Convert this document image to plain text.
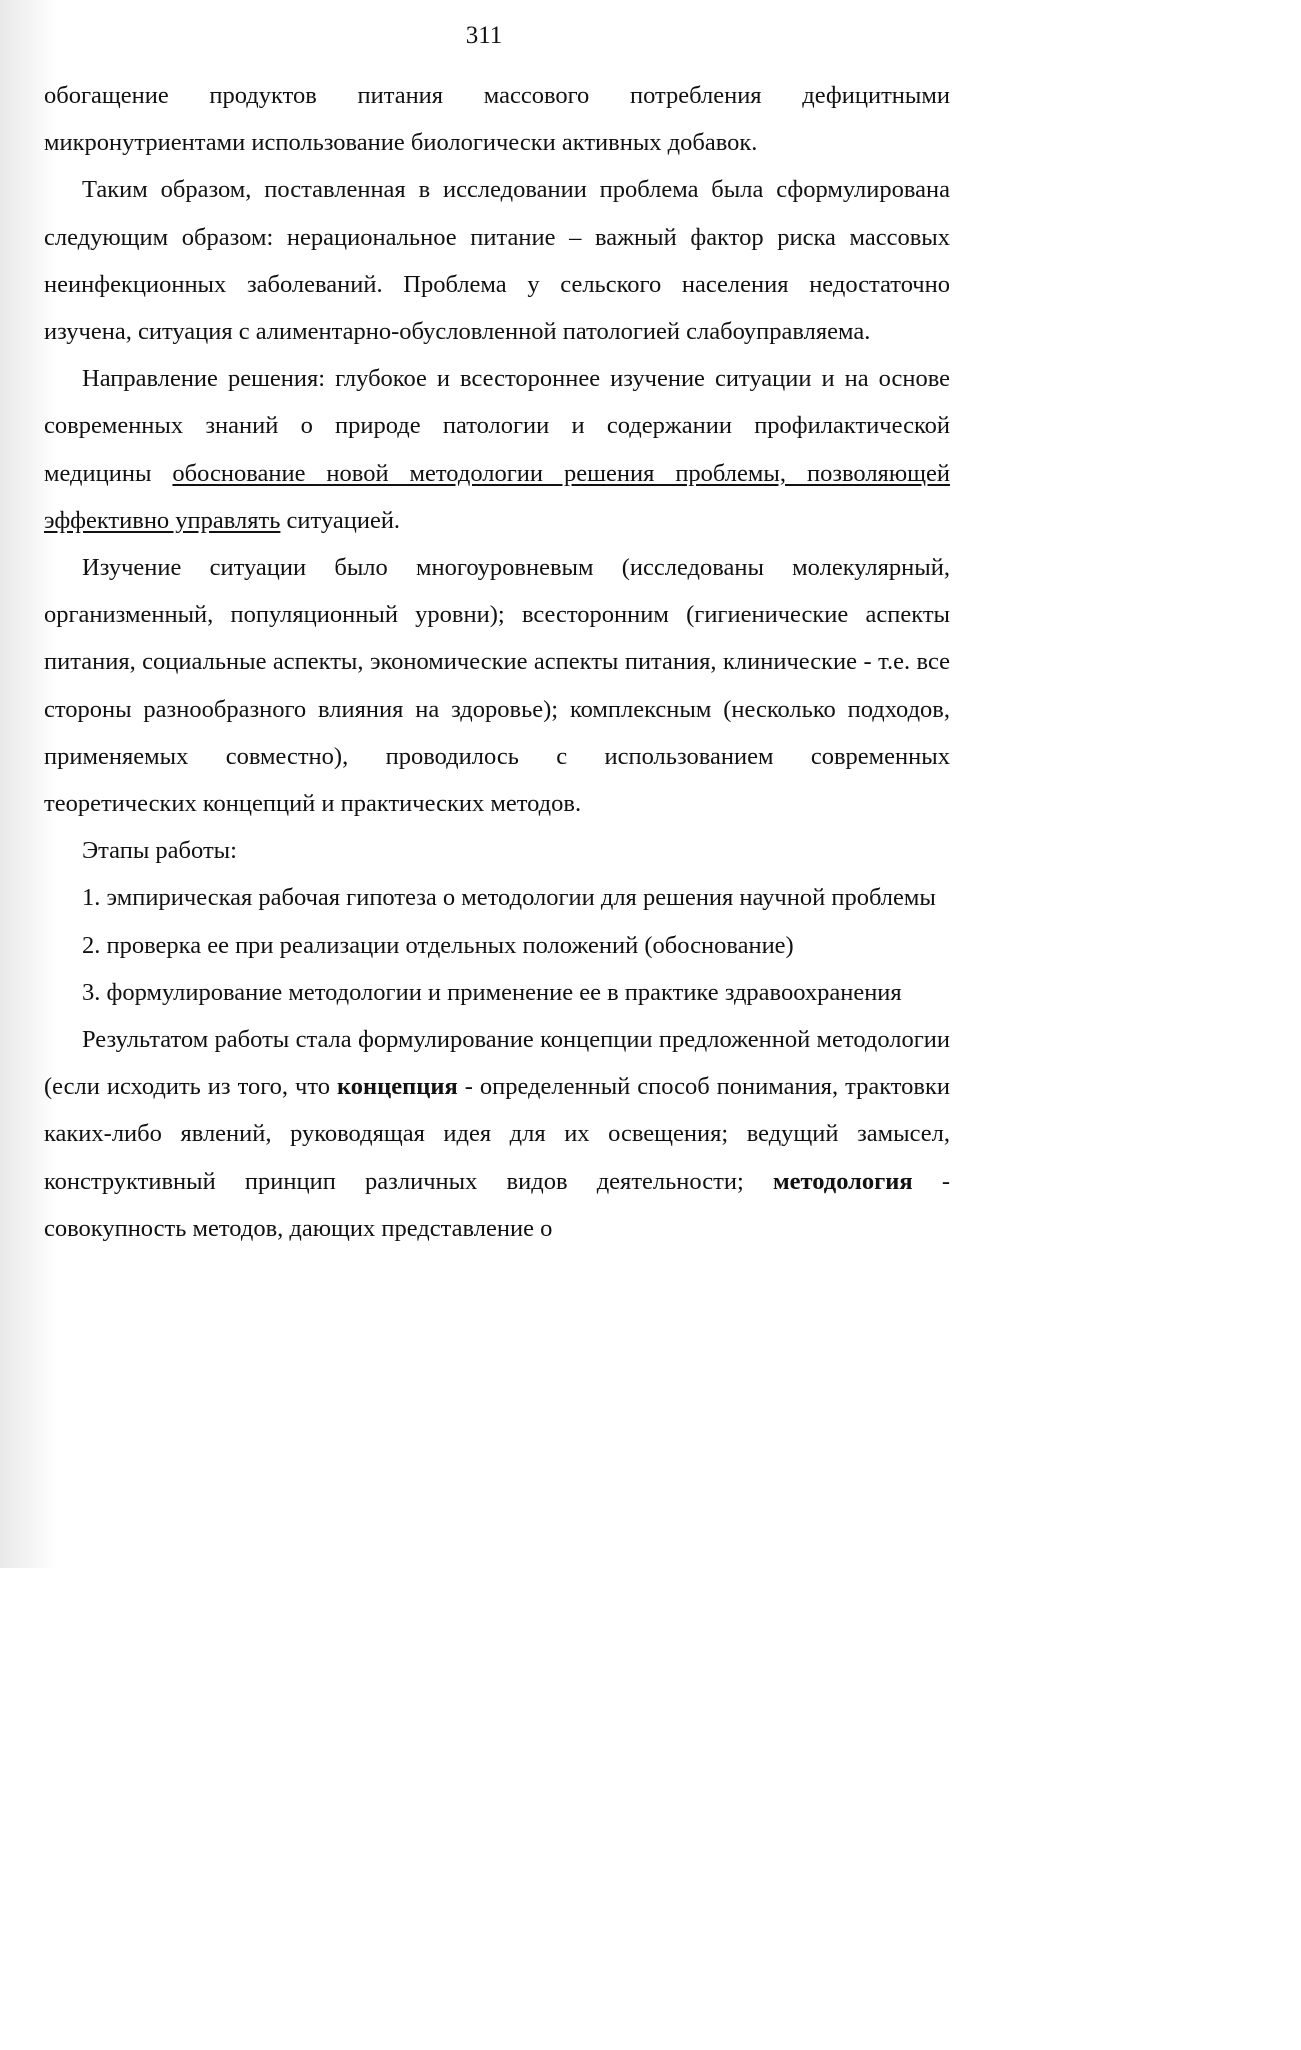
311

обогащение продуктов питания массового потребления дефицитными микронутриентами использование биологически активных добавок.

Таким образом, поставленная в исследовании проблема была сформулирована следующим образом: нерациональное питание – важный фактор риска массовых неинфекционных заболеваний. Проблема у сельского населения недостаточно изучена, ситуация с алиментарно-обусловленной патологией слабоуправляема.

Направление решения: глубокое и всестороннее изучение ситуации и на основе современных знаний о природе патологии и содержании профилактической медицины обоснование новой методологии решения проблемы, позволяющей эффективно управлять ситуацией.

Изучение ситуации было многоуровневым (исследованы молекулярный, организменный, популяционный уровни); всесторонним (гигиенические аспекты питания, социальные аспекты, экономические аспекты питания, клинические - т.е. все стороны разнообразного влияния на здоровье); комплексным (несколько подходов, применяемых совместно), проводилось с использованием современных теоретических концепций и практических методов.

Этапы работы:

1. эмпирическая рабочая гипотеза о методологии для решения научной проблемы

2. проверка ее при реализации отдельных положений (обоснование)

3. формулирование методологии и применение ее в практике здравоохранения

Результатом работы стала формулирование концепции предложенной методологии (если исходить из того, что концепция - определенный способ понимания, трактовки каких-либо явлений, руководящая идея для их освещения; ведущий замысел, конструктивный принцип различных видов деятельности; методология - совокупность методов, дающих представление о
